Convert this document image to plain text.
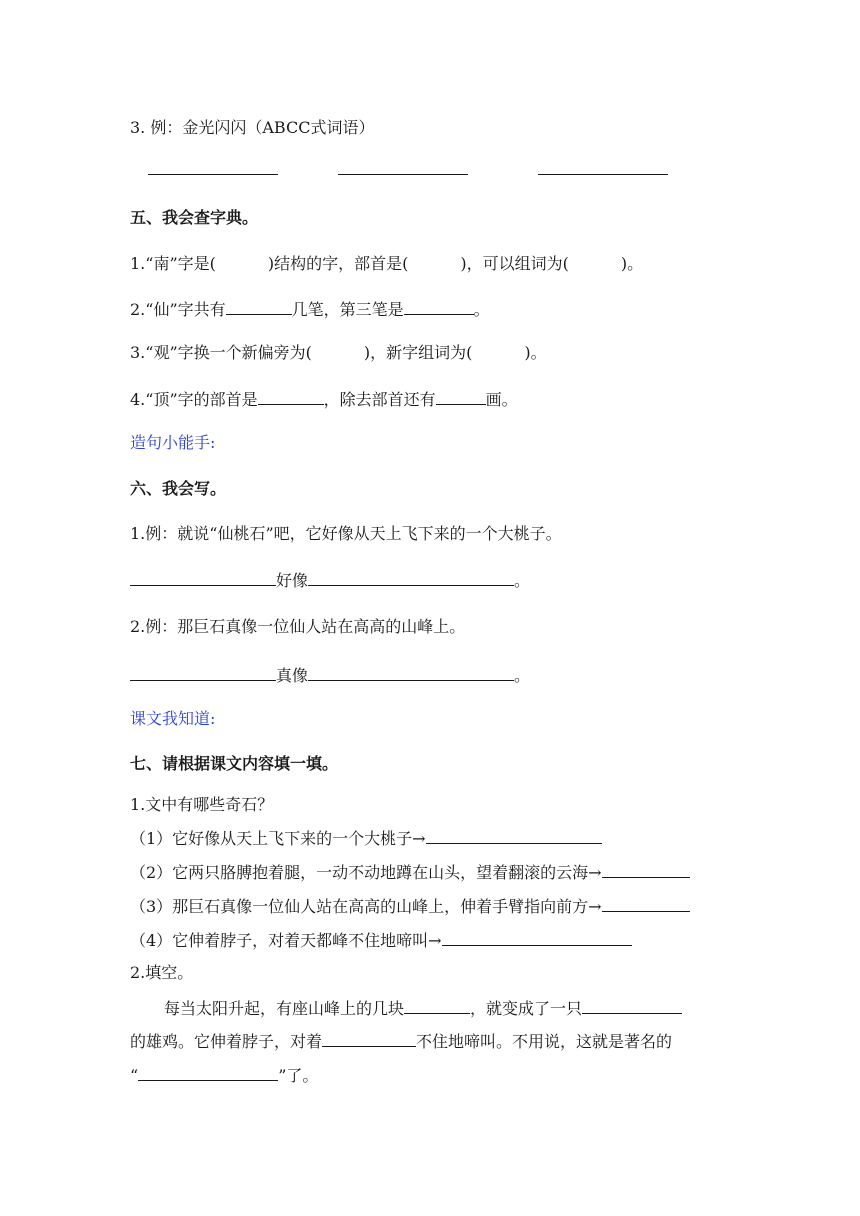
3. 例：金光闪闪（ABCC式词语）
五、我会查字典。
1.“南”字是(	)结构的字，部首是(	)，可以组词为(	)。
2.“仙”字共有	几笔，第三笔是	。
3.“观”字换一个新偏旁为(	)，新字组词为(	)。
4.“顶”字的部首是	，除去部首还有	画。
造句小能手:
六、我会写。
1.例：就说“仙桃石”吧，它好像从天上飞下来的一个大桃子。
好像	。
2.例：那巨石真像一位仙人站在高高的山峰上。
真像	。
课文我知道:
七、请根据课文内容填一填。
1.文中有哪些奇石？
（1）它好像从天上飞下来的一个大桃子→
（2）它两只胳膊抱着腿，一动不动地蹲在山头，望着翻滚的云海→
（3）那巨石真像一位仙人站在高高的山峰上，伸着手臂指向前方→
（4）它伸着脖子，对着天都峰不住地啼叫→
2.填空。
每当太阳升起，有座山峰上的几块	，就变成了一只
的雄鸡。它伸着脖子，对着	不住地啼叫。不用说，这就是著名的
“	”了。
